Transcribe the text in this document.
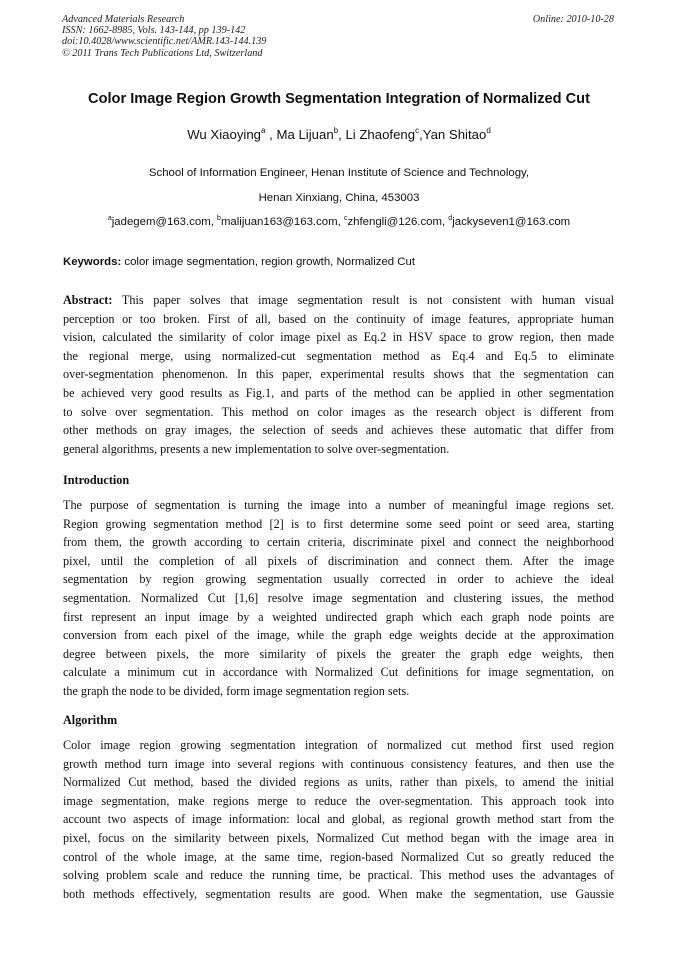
Advanced Materials Research
ISSN: 1662-8985, Vols. 143-144, pp 139-142
doi:10.4028/www.scientific.net/AMR.143-144.139
© 2011 Trans Tech Publications Ltd, Switzerland
Online: 2010-10-28
Color Image Region Growth Segmentation Integration of Normalized Cut
Wu Xiaoying$^a$ , Ma Lijuan$^b$, Li Zhaofeng$^c$,Yan Shitao$^d$
School of Information Engineer, Henan Institute of Science and Technology,
Henan Xinxiang, China, 453003
$^a$jadegem@163.com, $^b$malijuan163@163.com, $^c$zhfengli@126.com, $^d$jackyseven1@163.com
Keywords: color image segmentation, region growth, Normalized Cut
Abstract: This paper solves that image segmentation result is not consistent with human visual
perception or too broken. First of all, based on the continuity of image features, appropriate human
vision, calculated the similarity of color image pixel as Eq.2 in HSV space to grow region, then made
the regional merge, using normalized-cut segmentation method as Eq.4 and Eq.5 to eliminate
over-segmentation phenomenon. In this paper, experimental results shows that the segmentation can
be achieved very good results as Fig.1, and parts of the method can be applied in other segmentation
to solve over segmentation. This method on color images as the research object is different from
other methods on gray images, the selection of seeds and achieves these automatic that differ from
general algorithms, presents a new implementation to solve over-segmentation.
Introduction
The purpose of segmentation is turning the image into a number of meaningful image regions set.
Region growing segmentation method [2] is to first determine some seed point or seed area, starting
from them, the growth according to certain criteria, discriminate pixel and connect the neighborhood
pixel, until the completion of all pixels of discrimination and connect them. After the image
segmentation by region growing segmentation usually corrected in order to achieve the ideal
segmentation. Normalized Cut [1,6] resolve image segmentation and clustering issues, the method
first represent an input image by a weighted undirected graph which each graph node points are
conversion from each pixel of the image, while the graph edge weights decide at the approximation
degree between pixels, the more similarity of pixels the greater the graph edge weights, then
calculate a minimum cut in accordance with Normalized Cut definitions for image segmentation, on
the graph the node to be divided, form image segmentation region sets.
Algorithm
Color image region growing segmentation integration of normalized cut method first used region
growth method turn image into several regions with continuous consistency features, and then use the
Normalized Cut method, based the divided regions as units, rather than pixels, to amend the initial
image segmentation, make regions merge to reduce the over-segmentation. This approach took into
account two aspects of image information: local and global, as regional growth method start from the
pixel, focus on the similarity between pixels, Normalized Cut method began with the image area in
control of the whole image, at the same time, region-based Normalized Cut so greatly reduced the
solving problem scale and reduce the running time, be practical. This method uses the advantages of
both methods effectively, segmentation results are good. When make the segmentation, use Gaussie
